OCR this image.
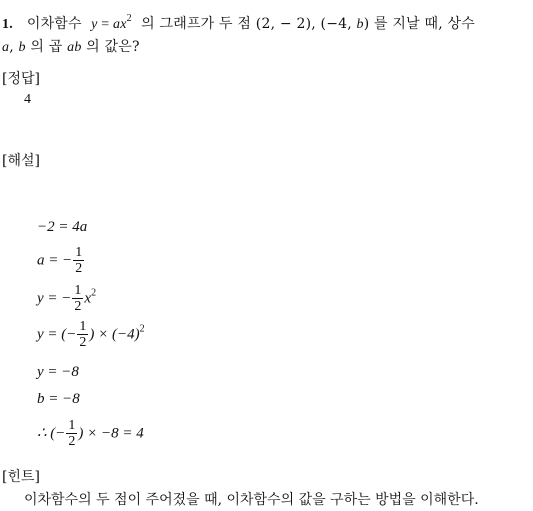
1. 이차함수 $y = ax^2$ 의 그래프가 두 점 (2, − 2), (−4, b) 를 지날 때, 상수
a, b 의 곱 ab 의 값은?
[정답]
4
[해설]
−2 = 4a
a = − $\frac{1}{2}$
y = − $\frac{1}{2} x^2$
y = (− $\frac{1}{2}$ ) × $(-4)^2$
y = −8
b = −8
∴ (− $\frac{1}{2}$ ) × −8 = 4
[힌트]
이차함수의 두 점이 주어졌을 때, 이차함수의 값을 구하는 방법을 이해한다.
